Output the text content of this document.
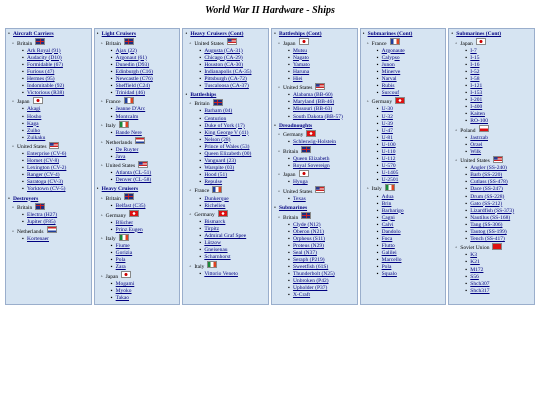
World War II Hardware - Ships
• Aircraft Carriers
◦ Britain
▪ Ark Royal (91)
▪ Audacity (D10)
▪ Formidable (67)
▪ Furious (47)
▪ Hermes (95)
▪ Indomitable (92)
▪ Victorious (R38)
◦ Japan
▪ Akagi
▪ Hosho
▪ Kaga
▪ Zuiho
▪ Zuikaku
◦ United States
▪ Enterprise (CV-6)
▪ Hornet (CV-8)
▪ Lexington (CV-2)
▪ Ranger (CV-4)
▪ Saratoga (CV-3)
▪ Yorktown (CV-5)
• Destroyers
◦ Britain
▪ Electra (H27)
▪ Jupiter (F85)
◦ Netherlands
▪ Kortenaer

• Light Cruisers
◦ Britain
▪ Ajax (22)
▪ Argonaut (61)
▪ Dunedin (D93)
▪ Edinburgh (C16)
▪ Newcastle (C76)
▪ Sheffield (C24)
▪ Trinidad (46)
◦ France
▪ Jeanne D'Arc
▪ Montcalm
◦ Italy
▪ Bande Nere
◦ Netherlands
▪ De Ruyter
▪ Java
◦ United States
▪ Atlanta (CL-51)
▪ Denver (CL-58)
• Heavy Cruisers
◦ Britain
▪ Belfast (C35)
◦ Germany
▪ Blücher
▪ Prinz Eugen
◦ Italy
▪ Fiume
▪ Gorizia
▪ Pola
▪ Zara
◦ Japan
▪ Mogami
▪ Myoko
▪ Takao

• Heavy Cruisers (Cont)
◦ United States
▪ Augusta (CA-31)
▪ Chicago (CA-29)
▪ Houston (CA-30)
▪ Indianapolis (CA-35)
▪ Pittsburgh (CA-72)
▪ Tuscaloosa (CA-37)
• Battleships
◦ Britain
▪ Barham (04)
▪ Centurion
▪ Duke of York (17)
▪ King George V (41)
▪ Nelson (28)
▪ Prince of Wales (53)
▪ Queen Elizabeth (00)
▪ Vanguard (23)
▪ Warspite (03)
▪ Hood (51)
▪ Repulse
◦ France
▪ Dunkerque
▪ Richelieu
◦ Germany
▪ Bismarck
▪ Tirpitz
▪ Admiral Graf Spee
▪ Lützow
▪ Gneisenau
▪ Scharnhorst
◦ Italy
▪ Vittorio Veneto

• Battleships (Cont)
◦ Japan
▪ Mutsu
▪ Nagato
▪ Yamato
▪ Haruna
▪ Hiei
◦ United States
▪ Alabama (BB-60)
▪ Maryland (BB-46)
▪ Missouri (BB-63)
▪ South Dakota (BB-57)
• Dreadnoughts
◦ Germany
▪ Schleswig-Holstein
◦ Britain
▪ Queen Elizabeth
▪ Royal Sovereign
◦ Japan
▪ Hyuga
◦ United States
▪ Texas
• Submarines
◦ Britain
▪ Clyde (N12)
▪ Oberon (N21)
▪ Orpheus (S11)
▪ Proteus (N29)
▪ Seal (N37)
▪ Seraph (P219)
▪ Sweetfish (61S)
▪ Thunderbolt (N25)
▪ Unbroken (P42)
▪ Upholder (P37)
▪ X-Craft

• Submarines (Cont)
◦ France
▪ Argonaute
▪ Calypso
▪ Junon
▪ Minerve
▪ Narval
▪ Rubis
▪ Surcouf
◦ Germany
▪ U-30
▪ U-32
▪ U-39
▪ U-47
▪ U-81
▪ U-100
▪ U-110
▪ U-112
▪ U-570
▪ U-1405
▪ U-2501
◦ Italy
▪ Adua
▪ Brin
▪ Barbarigo
▪ Cagni
▪ Calvi
▪ Dandolo
▪ Foca
▪ Flutto
▪ Galilei
▪ Marcello
▪ Pola
▪ Squalo

• Submarines (Cont)
◦ Japan
▪ I-7
▪ I-15
▪ I-16
▪ I-52
▪ I-58
▪ I-121
▪ I-153
▪ I-201
▪ I-400
▪ Kaiten
▪ RO-100
◦ Poland
▪ Jastrzab
▪ Orzel
▪ Wilk
◦ United States
▪ Angler (SS-240)
▪ Barb (SS-220)
▪ Cutlass (SS-478)
▪ Dace (SS-247)
▪ Drum (SS-228)
▪ Gato (SS-212)
▪ Lizardfish (SS-373)
▪ Nautilus (SS-168)
▪ Tang (SS-306)
▪ Tautog (SS-199)
▪ Tench (SS-417)
◦ Soviet Union
▪ K3
▪ K21
▪ M172
▪ S56
▪ Shch307
▪ Shch317
